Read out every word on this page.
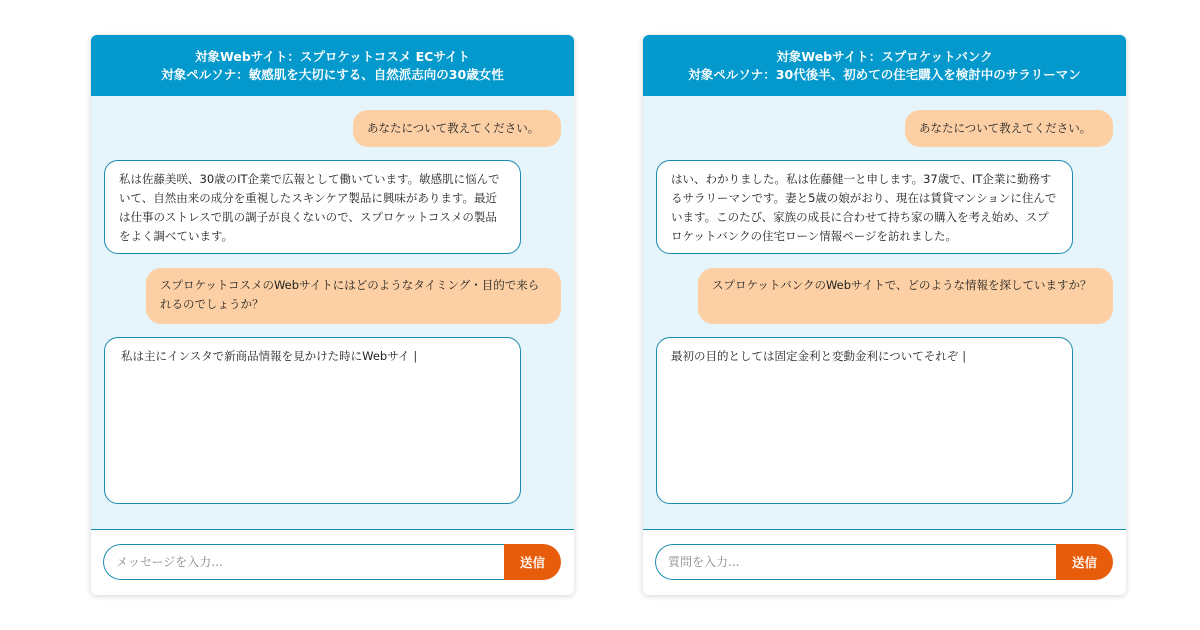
対象Webサイト：スプロケットコスメ ECサイト
対象ペルソナ：敏感肌を大切にする、自然派志向の30歳女性
あなたについて教えてください。
私は佐藤美咲、30歳のIT企業で広報として働いています。敏感肌に悩んでいて、自然由来の成分を重視したスキンケア製品に興味があります。最近は仕事のストレスで肌の調子が良くないので、スプロケットコスメの製品をよく調べています。
スプロケットコスメのWebサイトにはどのようなタイミング・目的で来られるのでしょうか？
私は主にインスタで新商品情報を見かけた時にWebサイ |
メッセージを入力...
送信
対象Webサイト：スプロケットバンク
対象ペルソナ：30代後半、初めての住宅購入を検討中のサラリーマン
あなたについて教えてください。
はい、わかりました。私は佐藤健一と申します。37歳で、IT企業に勤務するサラリーマンです。妻と5歳の娘がおり、現在は賃貸マンションに住んでいます。このたび、家族の成長に合わせて持ち家の購入を考え始め、スプロケットバンクの住宅ローン情報ページを訪れました。
スプロケットバンクのWebサイトで、どのような情報を探していますか？
最初の目的としては固定金利と変動金利についてそれぞ |
質問を入力...
送信
